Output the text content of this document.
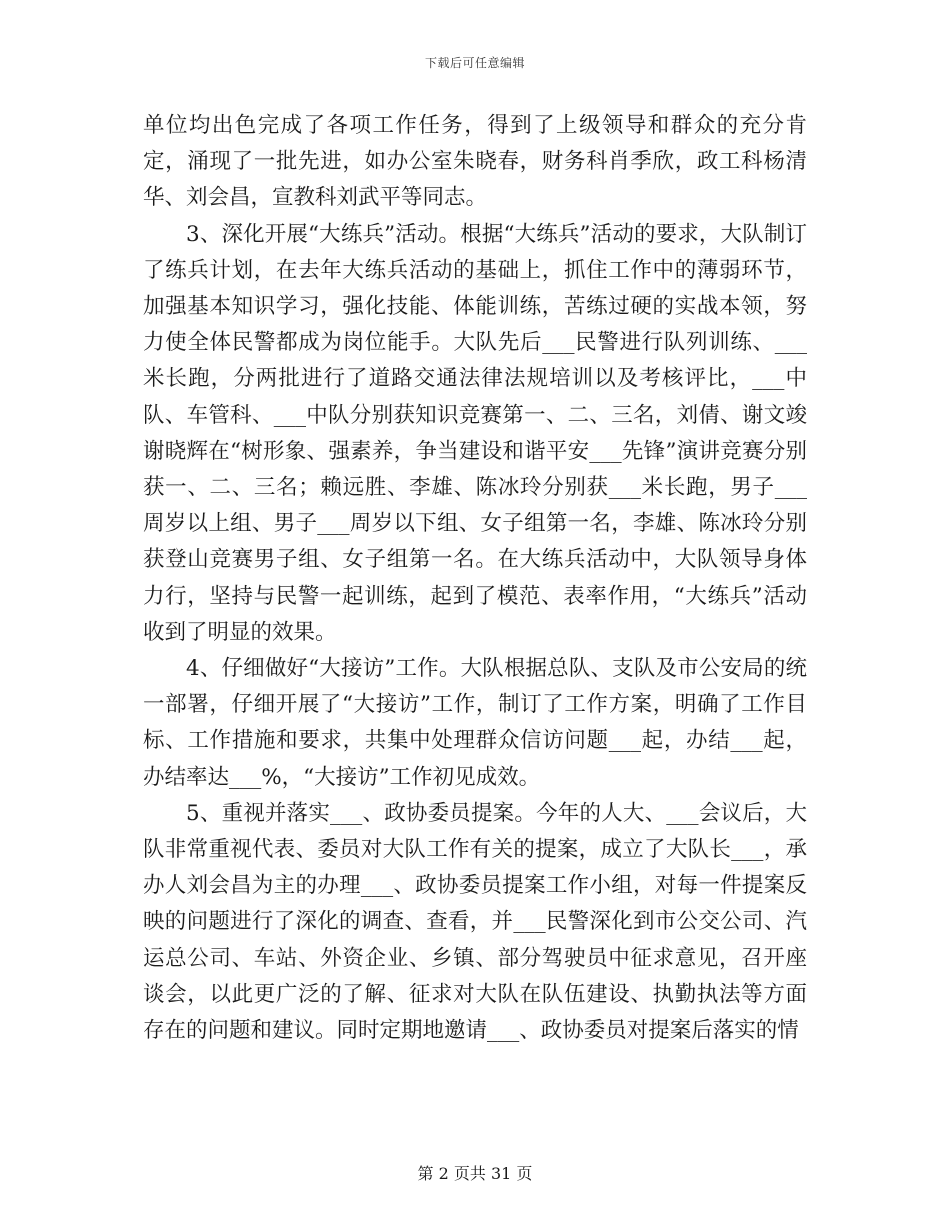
下载后可任意编辑

单位均出色完成了各项工作任务，得到了上级领导和群众的充分肯定，涌现了一批先进，如办公室朱晓春，财务科肖季欣，政工科杨清华、刘会昌，宣教科刘武平等同志。

3、深化开展“大练兵”活动。根据“大练兵”活动的要求，大队制订了练兵计划，在去年大练兵活动的基础上，抓住工作中的薄弱环节，加强基本知识学习，强化技能、体能训练，苦练过硬的实战本领，努力使全体民警都成为岗位能手。大队先后___民警进行队列训练、___米长跑，分两批进行了道路交通法律法规培训以及考核评比，___中队、车管科、___中队分别获知识竞赛第一、二、三名，刘倩、谢文竣谢晓辉在“树形象、强素养，争当建设和谐平安___先锋”演讲竞赛分别获一、二、三名；赖远胜、李雄、陈冰玲分别获___米长跑，男子___周岁以上组、男子___周岁以下组、女子组第一名，李雄、陈冰玲分别获登山竞赛男子组、女子组第一名。在大练兵活动中，大队领导身体力行，坚持与民警一起训练，起到了模范、表率作用，“大练兵”活动收到了明显的效果。

4、仔细做好“大接访”工作。大队根据总队、支队及市公安局的统一部署，仔细开展了“大接访”工作，制订了工作方案，明确了工作目标、工作措施和要求，共集中处理群众信访问题___起，办结___起，办结率达___%，“大接访”工作初见成效。

5、重视并落实___、政协委员提案。今年的人大、___会议后，大队非常重视代表、委员对大队工作有关的提案，成立了大队长___，承办人刘会昌为主的办理___、政协委员提案工作小组，对每一件提案反映的问题进行了深化的调查、查看，并___民警深化到市公交公司、汽运总公司、车站、外资企业、乡镇、部分驾驶员中征求意见，召开座谈会，以此更广泛的了解、征求对大队在队伍建设、执勤执法等方面存在的问题和建议。同时定期地邀请___、政协委员对提案后落实的情

第 2 页共 31 页
